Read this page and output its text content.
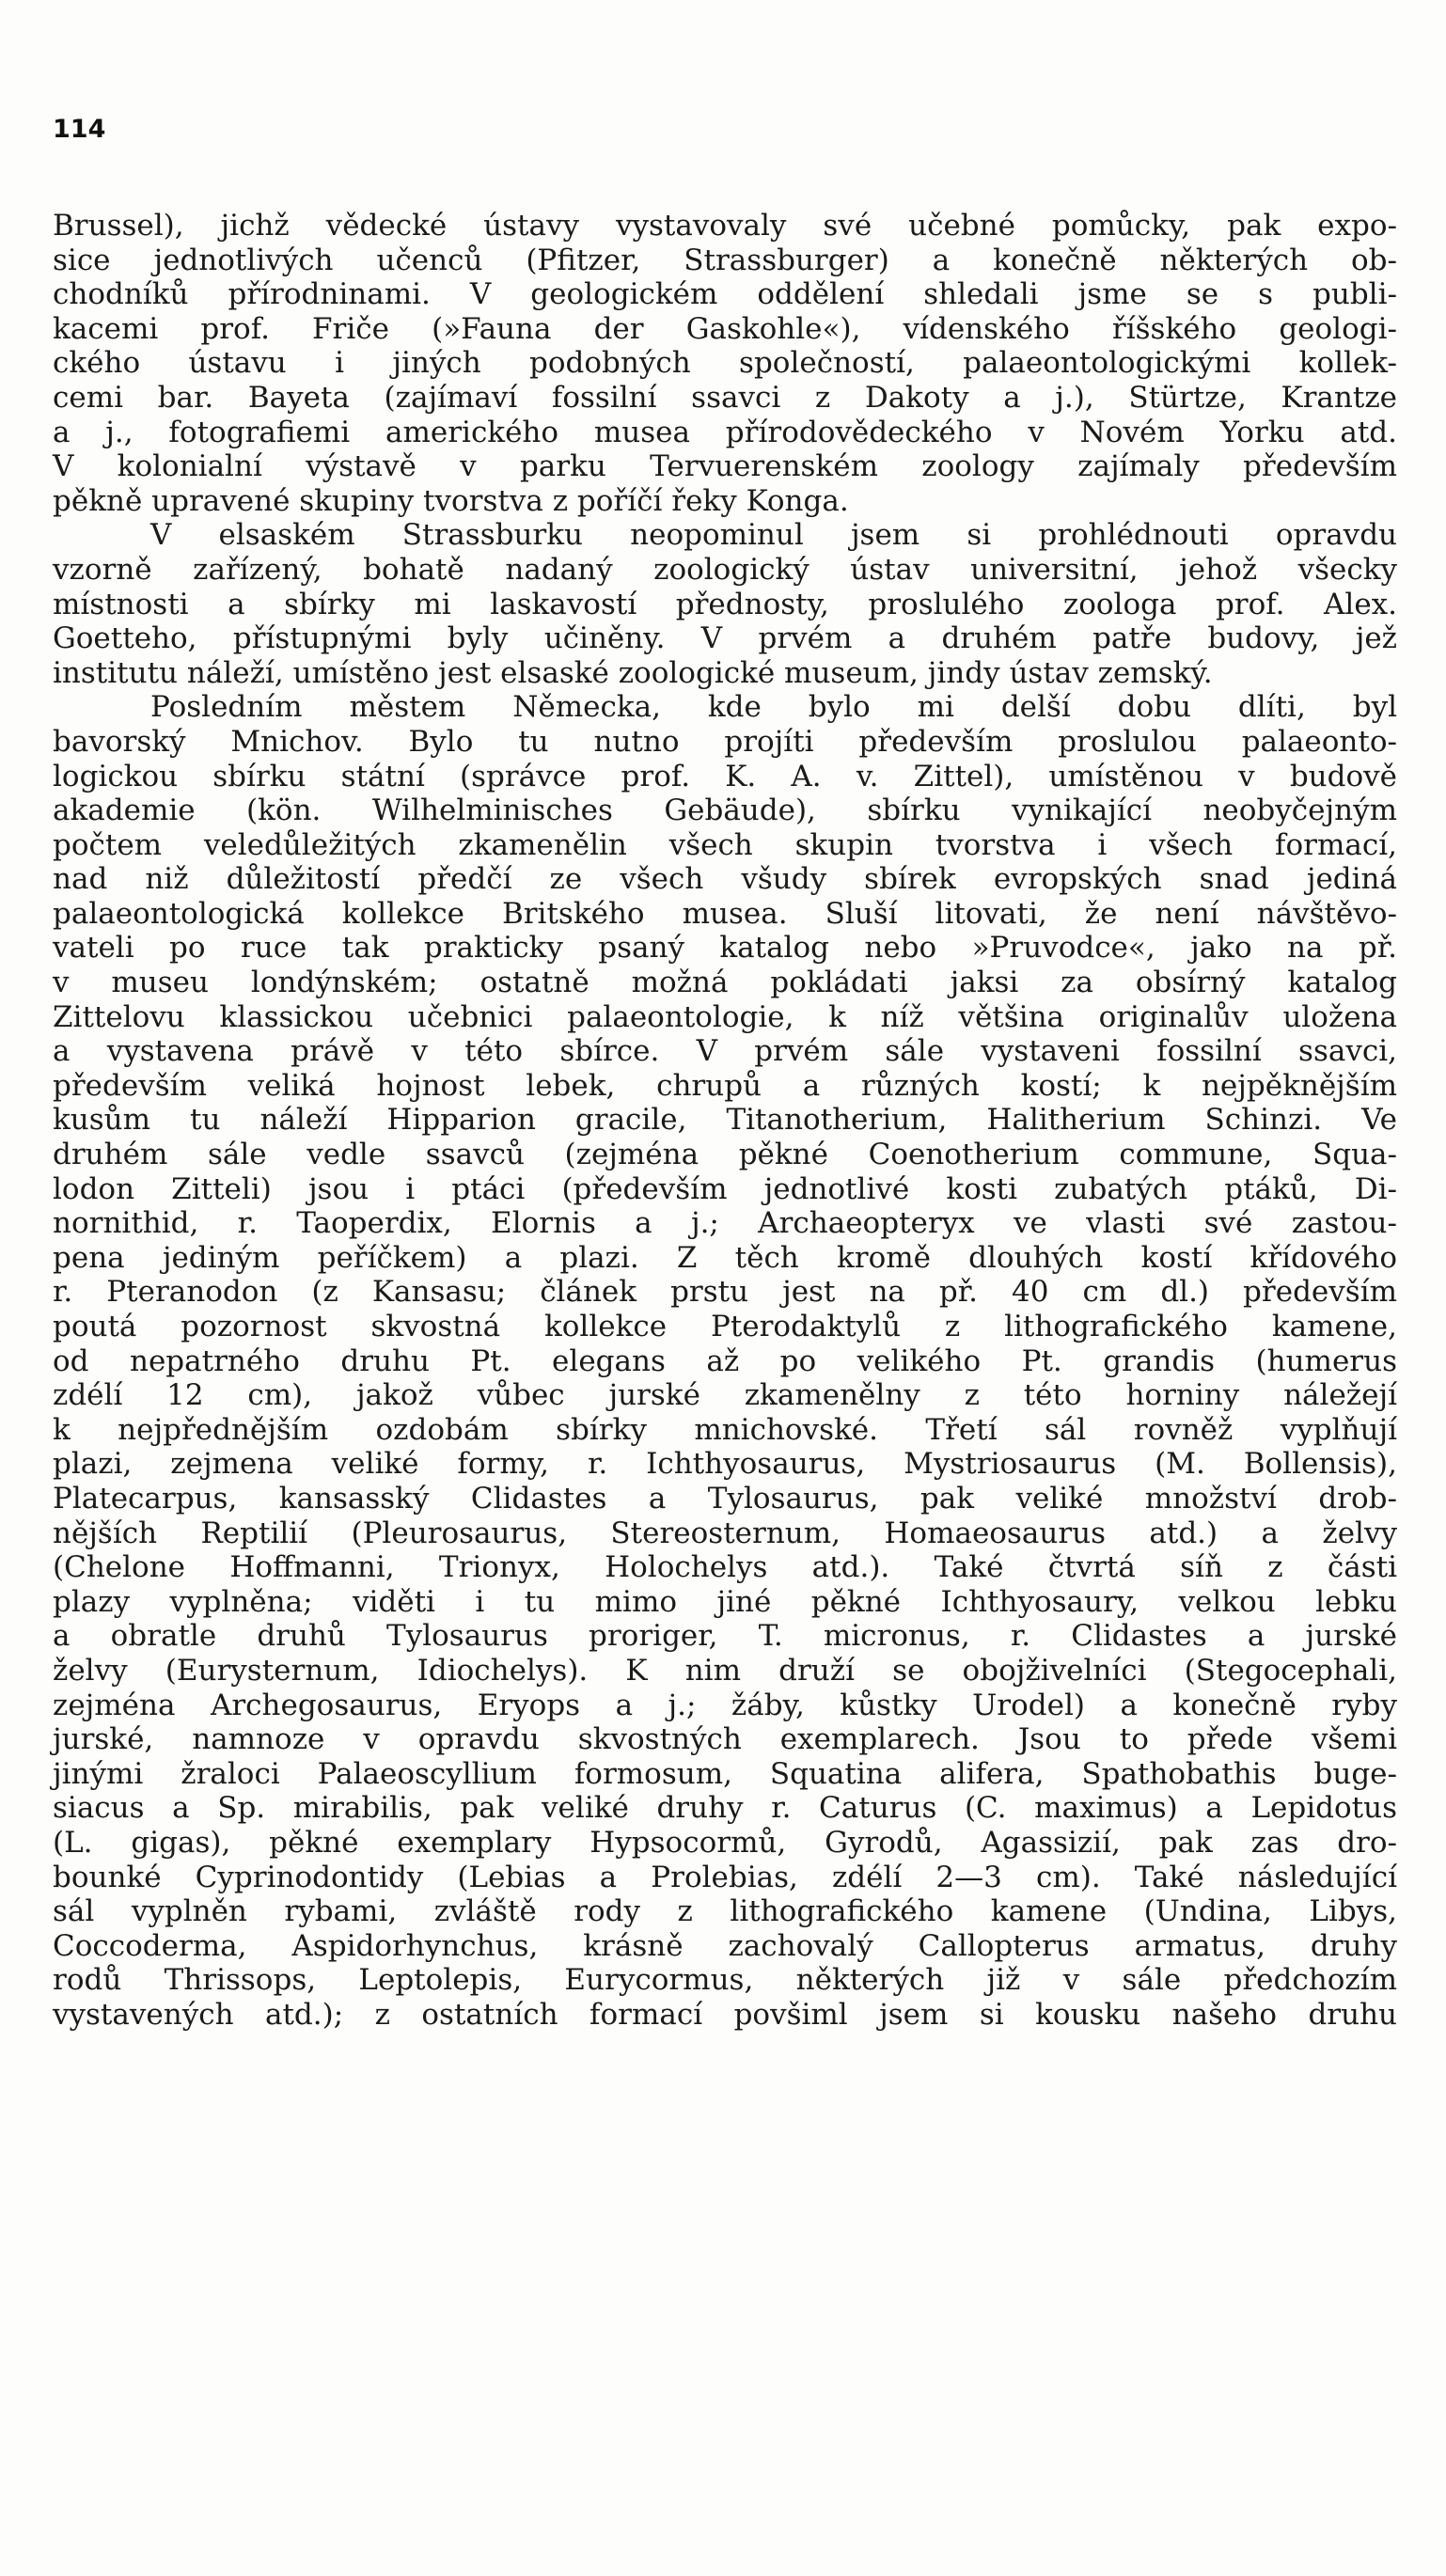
114
Brussel), jichž vědecké ústavy vystavovaly své učebné pomůcky, pak expo-
sice jednotlivých učenců (Pfitzer, Strassburger) a konečně některých ob-
chodníků přírodninami. V geologickém oddělení shledali jsme se s publi-
kacemi prof. Friče (»Fauna der Gaskohle«), vídenského říšského geologi-
ckého ústavu i jiných podobných společností, palaeontologickými kollek-
cemi bar. Bayeta (zajímaví fossilní ssavci z Dakoty a j.), Stürtze, Krantze
a j., fotografiemi amerického musea přírodovědeckého v Novém Yorku atd.
V kolonialní výstavě v parku Tervuerenském zoology zajímaly především
pěkně upravené skupiny tvorstva z poříčí řeky Konga.
V elsaském Strassburku neopominul jsem si prohlédnouti opravdu
vzorně zařízený, bohatě nadaný zoologický ústav universitní, jehož všecky
místnosti a sbírky mi laskavostí přednosty, proslulého zoologa prof. Alex.
Goetteho, přístupnými byly učiněny. V prvém a druhém patře budovy, jež
institutu náleží, umístěno jest elsaské zoologické museum, jindy ústav zemský.
Posledním městem Německa, kde bylo mi delší dobu dlíti, byl
bavorský Mnichov. Bylo tu nutno projíti především proslulou palaeonto-
logickou sbírku státní (správce prof. K. A. v. Zittel), umístěnou v budově
akademie (kön. Wilhelminisches Gebäude), sbírku vynikající neobyčejným
počtem veledůležitých zkamenělin všech skupin tvorstva i všech formací,
nad niž důležitostí předčí ze všech všudy sbírek evropských snad jediná
palaeontologická kollekce Britského musea. Sluší litovati, že není návštěvo-
vateli po ruce tak prakticky psaný katalog nebo »Pruvodce«, jako na př.
v museu londýnském; ostatně možná pokládati jaksi za obsírný katalog
Zittelovu klassickou učebnici palaeontologie, k níž většina originalův uložena
a vystavena právě v této sbírce. V prvém sále vystaveni fossilní ssavci,
především veliká hojnost lebek, chrupů a různých kostí; k nejpěknějším
kusům tu náleží Hipparion gracile, Titanotherium, Halitherium Schinzi. Ve
druhém sále vedle ssavců (zejména pěkné Coenotherium commune, Squa-
lodon Zitteli) jsou i ptáci (především jednotlivé kosti zubatých ptáků, Di-
nornithid, r. Taoperdix, Elornis a j.; Archaeopteryx ve vlasti své zastou-
pena jediným peříčkem) a plazi. Z těch kromě dlouhých kostí křídového
r. Pteranodon (z Kansasu; článek prstu jest na př. 40 cm dl.) především
poutá pozornost skvostná kollekce Pterodaktylů z lithografického kamene,
od nepatrného druhu Pt. elegans až po velikého Pt. grandis (humerus
zdélí 12 cm), jakož vůbec jurské zkamenělny z této horniny náležejí
k nejpřednějším ozdobám sbírky mnichovské. Třetí sál rovněž vyplňují
plazi, zejmena veliké formy, r. Ichthyosaurus, Mystriosaurus (M. Bollensis),
Platecarpus, kansasský Clidastes a Tylosaurus, pak veliké množství drob-
nějších Reptilií (Pleurosaurus, Stereosternum, Homaeosaurus atd.) a želvy
(Chelone Hoffmanni, Trionyx, Holochelys atd.). Také čtvrtá síň z části
plazy vyplněna; viděti i tu mimo jiné pěkné Ichthyosaury, velkou lebku
a obratle druhů Tylosaurus proriger, T. micronus, r. Clidastes a jurské
želvy (Eurysternum, Idiochelys). K nim druží se obojživelníci (Stegocephali,
zejména Archegosaurus, Eryops a j.; žáby, kůstky Urodel) a konečně ryby
jurské, namnoze v opravdu skvostných exemplarech. Jsou to přede všemi
jinými žraloci Palaeoscyllium formosum, Squatina alifera, Spathobathis buge-
siacus a Sp. mirabilis, pak veliké druhy r. Caturus (C. maximus) a Lepidotus
(L. gigas), pěkné exemplary Hypsocormů, Gyrodů, Agassizií, pak zas dro-
bounké Cyprinodontidy (Lebias a Prolebias, zdélí 2—3 cm). Také následující
sál vyplněn rybami, zvláště rody z lithografického kamene (Undina, Libys,
Coccoderma, Aspidorhynchus, krásně zachovalý Callopterus armatus, druhy
rodů Thrissops, Leptolepis, Eurycormus, některých již v sále předchozím
vystavených atd.); z ostatních formací povšiml jsem si kousku našeho druhu
